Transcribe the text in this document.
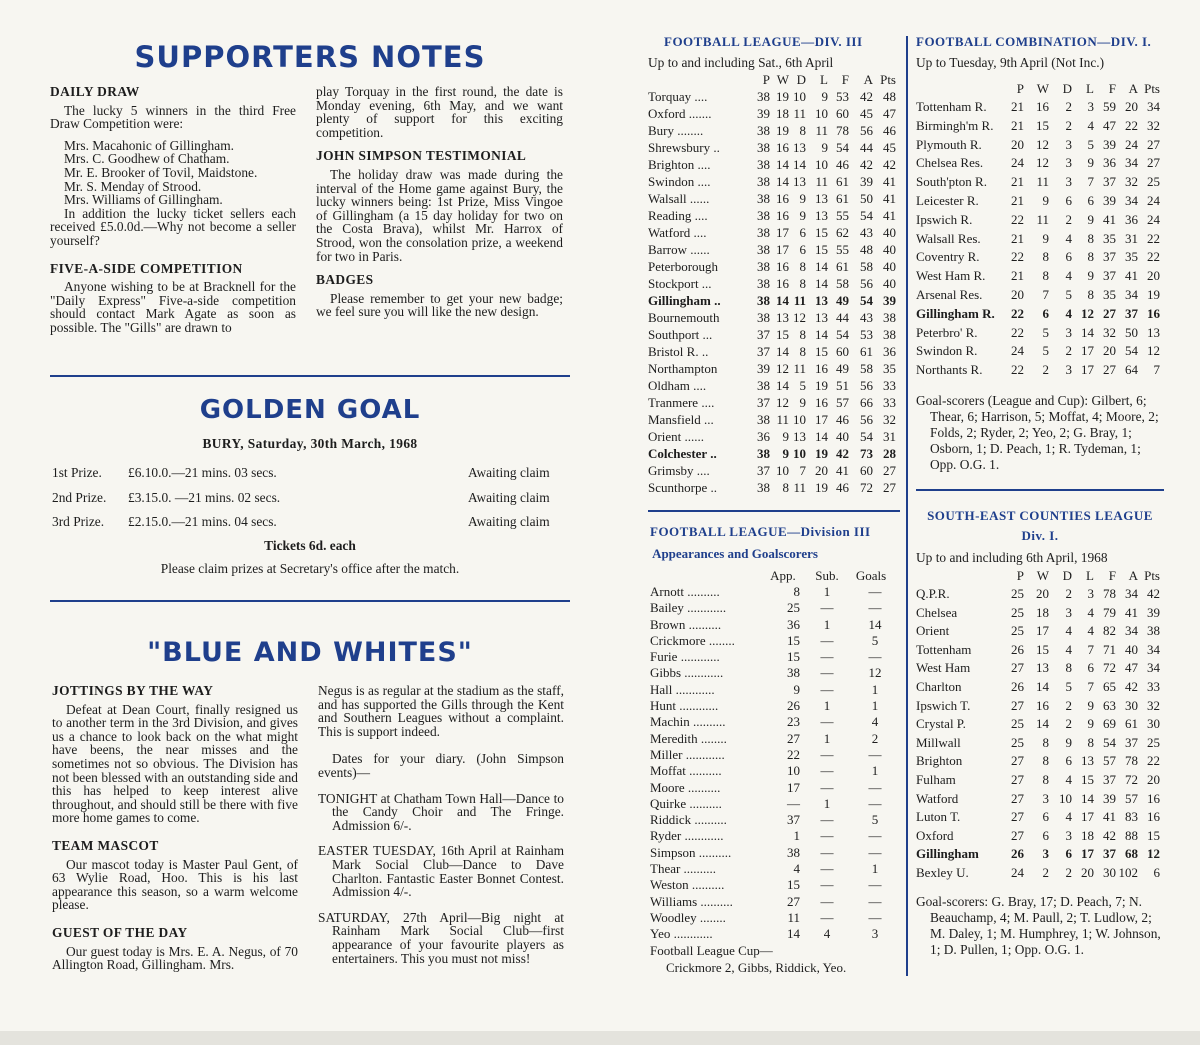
SUPPORTERS NOTES

DAILY DRAW

The lucky 5 winners in the third Free Draw Competition were:

Mrs. Macahonic of Gillingham.

Mrs. C. Goodhew of Chatham.

Mr. E. Brooker of Tovil, Maidstone.

Mr. S. Menday of Strood.

Mrs. Williams of Gillingham.

In addition the lucky ticket sellers each received £5.0.0d.—Why not become a seller yourself?

FIVE-A-SIDE COMPETITION

Anyone wishing to be at Bracknell for the "Daily Express" Five-a-side competition should contact Mark Agate as soon as possible. The "Gills" are drawn to

play Torquay in the first round, the date is Monday evening, 6th May, and we want plenty of support for this exciting competition.

JOHN SIMPSON TESTIMONIAL

The holiday draw was made during the interval of the Home game against Bury, the lucky winners being: 1st Prize, Miss Vingoe of Gillingham (a 15 day holiday for two on the Costa Brava), whilst Mr. Harrox of Strood, won the consolation prize, a weekend for two in Paris.

BADGES

Please remember to get your new badge; we feel sure you will like the new design.

GOLDEN GOAL
BURY, Saturday, 30th March, 1968
1st Prize. £6.10.0.—21 mins. 03 secs.	Awaiting claim
2nd Prize. £3.15.0. —21 mins. 02 secs.	Awaiting claim
3rd Prize. £2.15.0.—21 mins. 04 secs.	Awaiting claim
Tickets 6d. each
Please claim prizes at Secretary's office after the match.
"BLUE AND WHITES"

JOTTINGS BY THE WAY

Defeat at Dean Court, finally resigned us to another term in the 3rd Division, and gives us a chance to look back on the what might have beens, the near misses and the sometimes not so obvious. The Division has not been blessed with an outstanding side and this has helped to keep interest alive throughout, and should still be there with five more home games to come.

TEAM MASCOT

Our mascot today is Master Paul Gent, of 63 Wylie Road, Hoo. This is his last appearance this season, so a warm welcome please.

GUEST OF THE DAY

Our guest today is Mrs. E. A. Negus, of 70 Allington Road, Gillingham. Mrs.

Negus is as regular at the stadium as the staff, and has supported the Gills through the Kent and Southern Leagues without a complaint. This is support indeed.

Dates for your diary. (John Simpson events)—

TONIGHT at Chatham Town Hall—Dance to the Candy Choir and The Fringe. Admission 6/-.

EASTER TUESDAY, 16th April at Rainham Mark Social Club—Dance to Dave Charlton. Fantastic Easter Bonnet Contest. Admission 4/-.

SATURDAY, 27th April—Big night at Rainham Mark Social Club—first appearance of your favourite players as entertainers. This you must not miss!

FOOTBALL LEAGUE—DIV. III
Up to and including Sat., 6th April
P W D	L	F	A Pts
Torquay ....	38 19 10	9 53 42 48
Oxford .......	39 18 11 10 60 45 47
Bury ........	38 19 8 11 78 56 46
Shrewsbury ..	38 16 13	9 54 44 45
Brighton ....	38 14 14 10 46 42 42
Swindon ....	38 14 13 11 61 39 41
Walsall ......	38 16 9 13 61 50 41
Reading ....	38 16 9 13 55 54 41
Watford ....	38 17 6 15 62 43 40
Barrow ......	38 17 6 15 55 48 40
Peterborough	38 16 8 14 61 58 40
Stockport ...	38 16 8 14 58 56 40
Gillingham ..	38 14 11 13 49 54 39
Bournemouth	38 13 12 13 44 43 38
Southport ...	37 15 8 14 54 53 38
Bristol R. ..	37 14 8 15 60 61 36
Northampton	39 12 11 16 49 58 35
Oldham ....	38 14 5 19 51 56 33
Tranmere ....	37 12 9 16 57 66 33
Mansfield ...	38 11 10 17 46 56 32
Orient ......	36 9 13 14 40 54 31
Colchester ..	38 9 10 19 42 73 28
Grimsby ....	37 10 7 20 41 60 27
Scunthorpe ..	38 8 11 19 46 72 27
FOOTBALL LEAGUE—Division III
Appearances and Goalscorers
App.	Sub. Goals
Arnott ..........	8	1	—
Bailey ............	25	—	—
Brown ..........	36	1	14
Crickmore ........	15	—	5
Furie ............	15	—	—
Gibbs ............	38	—	12
Hall ............	9	—	1
Hunt ............	26	1	1
Machin ..........	23	—	4
Meredith ........	27	1	2
Miller ............	22	—	—
Moffat ..........	10	—	1
Moore ..........	17	—	—
Quirke ..........	—	1	—
Riddick ..........	37	—	5
Ryder ............	1	—	—
Simpson ..........	38	—	—
Thear ..........	4	—	1
Weston ..........	15	—	—
Williams ..........	27	—	—
Woodley ........	11	—	—
Yeo ............	14	4	3
Football League Cup—
Crickmore 2, Gibbs, Riddick, Yeo.
FOOTBALL COMBINATION—DIV. I.
Up to Tuesday, 9th April (Not Inc.)
P W	D	L	F A Pts
Tottenham R.	21 16	2	3 59 20 34
Birmingh'm R.	21 15	2	4 47 22 32
Plymouth R.	20 12	3	5 39 24 27
Chelsea Res.	24 12	3	9 36 34 27
South'pton R.	21 11	3	7 37 32 25
Leicester R.	21	9	6	6 39 34 24
Ipswich R.	22 11	2	9 41 36 24
Walsall Res.	21	9	4	8 35 31 22
Coventry R.	22	8	6	8 37 35 22
West Ham R.	21	8	4	9 37 41 20
Arsenal Res.	20	7	5	8 35 34 19
Gillingham R.	22	6	4 12 27 37 16
Peterbro' R.	22	5	3 14 32 50 13
Swindon R.	24	5	2 17 20 54 12
Northants R.	22	2	3 17 27 64	7

Goal-scorers (League and Cup): Gilbert, 6; Thear, 6; Harrison, 5; Moffat, 4; Moore, 2; Folds, 2; Ryder, 2; Yeo, 2; G. Bray, 1; Osborn, 1; D. Peach, 1; R. Tydeman, 1; Opp. O.G. 1.

SOUTH-EAST COUNTIES LEAGUE
Div. I.
Up to and including 6th April, 1968
P W	D	L	F A Pts
Q.P.R.	25 20	2	3 78 34 42
Chelsea	25 18	3	4 79 41 39
Orient	25 17	4	4 82 34 38
Tottenham	26 15	4	7 71 40 34
West Ham	27 13	8	6 72 47 34
Charlton	26 14	5	7 65 42 33
Ipswich T.	27 16	2	9 63 30 32
Crystal P.	25 14	2	9 69 61 30
Millwall	25	8	9	8 54 37 25
Brighton	27	8	6 13 57 78 22
Fulham	27	8	4 15 37 72 20
Watford	27	3 10 14 39 57 16
Luton T.	27	6	4 17 41 83 16
Oxford	27	6	3 18 42 88 15
Gillingham	26	3	6 17 37 68 12
Bexley U.	24	2	2 20 30 102	6

Goal-scorers: G. Bray, 17; D. Peach, 7; N. Beauchamp, 4; M. Paull, 2; T. Ludlow, 2; M. Daley, 1; M. Humphrey, 1; W. Johnson, 1; D. Pullen, 1; Opp. O.G. 1.
